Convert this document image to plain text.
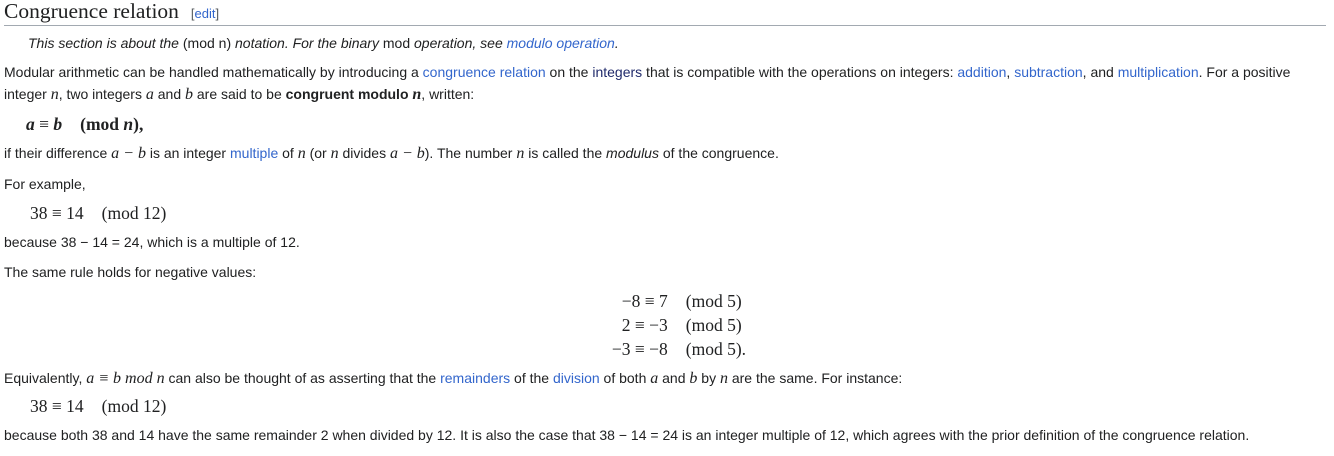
Congruence relation [edit]
This section is about the (mod n) notation. For the binary mod operation, see modulo operation.

Modular arithmetic can be handled mathematically by introducing a congruence relation on the integers that is compatible with the operations on integers: addition, subtraction, and multiplication. For a positive integer n, two integers a and b are said to be congruent modulo n, written:

a ≡ b (mod n),

if their difference a − b is an integer multiple of n (or n divides a − b). The number n is called the modulus of the congruence.

For example,

38 ≡ 14 (mod 12)

because 38 − 14 = 24, which is a multiple of 12.

The same rule holds for negative values:

−8 ≡ 7	(mod 5)
2 ≡ −3	(mod 5)
−3 ≡ −8	(mod 5).

Equivalently, a ≡ b mod n can also be thought of as asserting that the remainders of the division of both a and b by n are the same. For instance:

38 ≡ 14 (mod 12)

because both 38 and 14 have the same remainder 2 when divided by 12. It is also the case that 38 − 14 = 24 is an integer multiple of 12, which agrees with the prior definition of the congruence relation.
